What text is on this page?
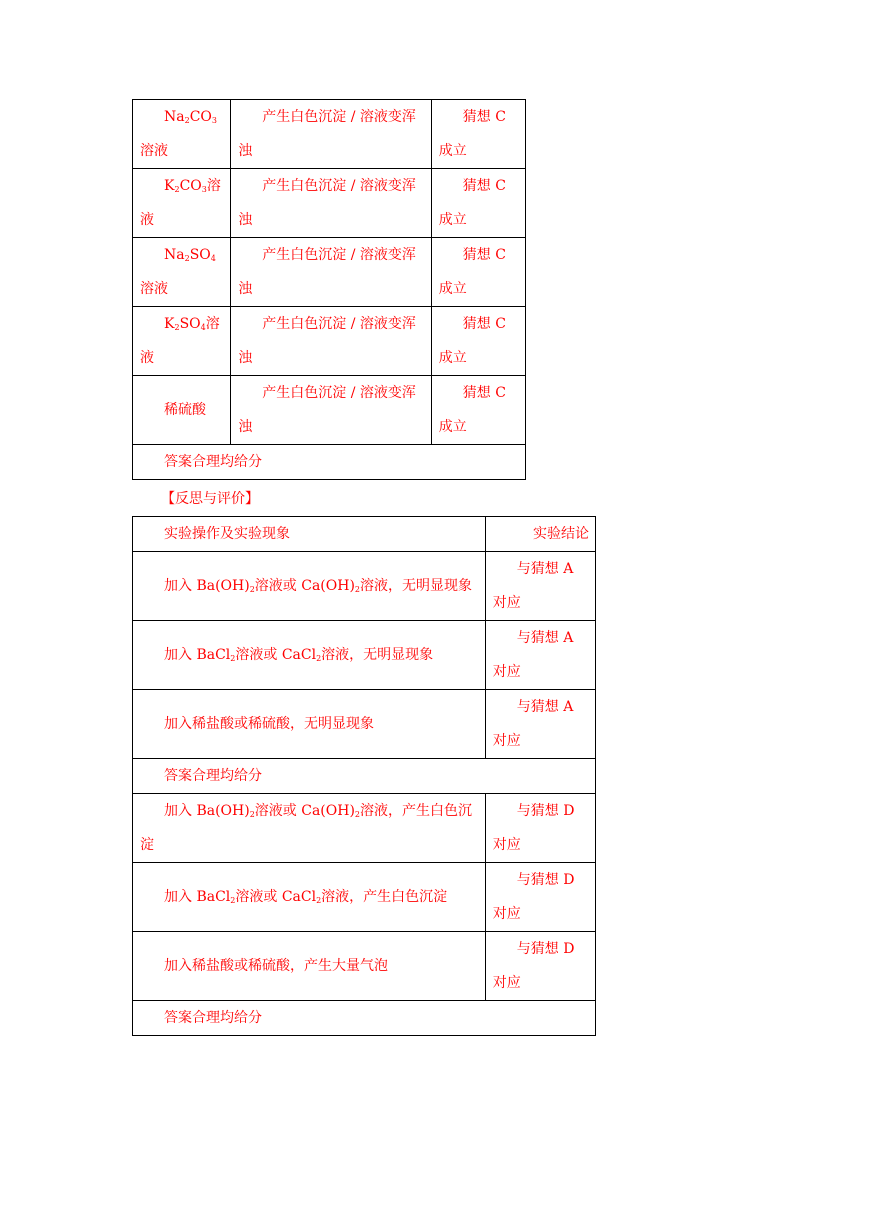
$Na_2CO_3$溶液	产生白色沉淀 / 溶液变浑浊	猜想 C 成立
$K_2CO_3$溶液	产生白色沉淀 / 溶液变浑浊	猜想 C 成立
$Na_2SO_4$溶液	产生白色沉淀 / 溶液变浑浊	猜想 C 成立
$K_2SO_4$溶液	产生白色沉淀 / 溶液变浑浊	猜想 C 成立
稀硫酸	产生白色沉淀 / 溶液变浑浊	猜想 C 成立
答案合理均给分		
【反思与评价】
实验操作及实验现象	实验结论
加入 $Ba(OH)_2$溶液或 $Ca(OH)_2$溶液，无明显现象	与猜想 A 对应
加入 BaCl$_2$溶液或 CaCl$_2$溶液，无明显现象	与猜想 A 对应
加入稀盐酸或稀硫酸，无明显现象	与猜想 A 对应
答案合理均给分	
加入 $Ba(OH)_2$溶液或 $Ca(OH)_2$溶液，产生白色沉淀	与猜想 D 对应
加入 BaCl$_2$溶液或 CaCl$_2$溶液，产生白色沉淀	与猜想 D 对应
加入稀盐酸或稀硫酸，产生大量气泡	与猜想 D 对应
答案合理均给分	
